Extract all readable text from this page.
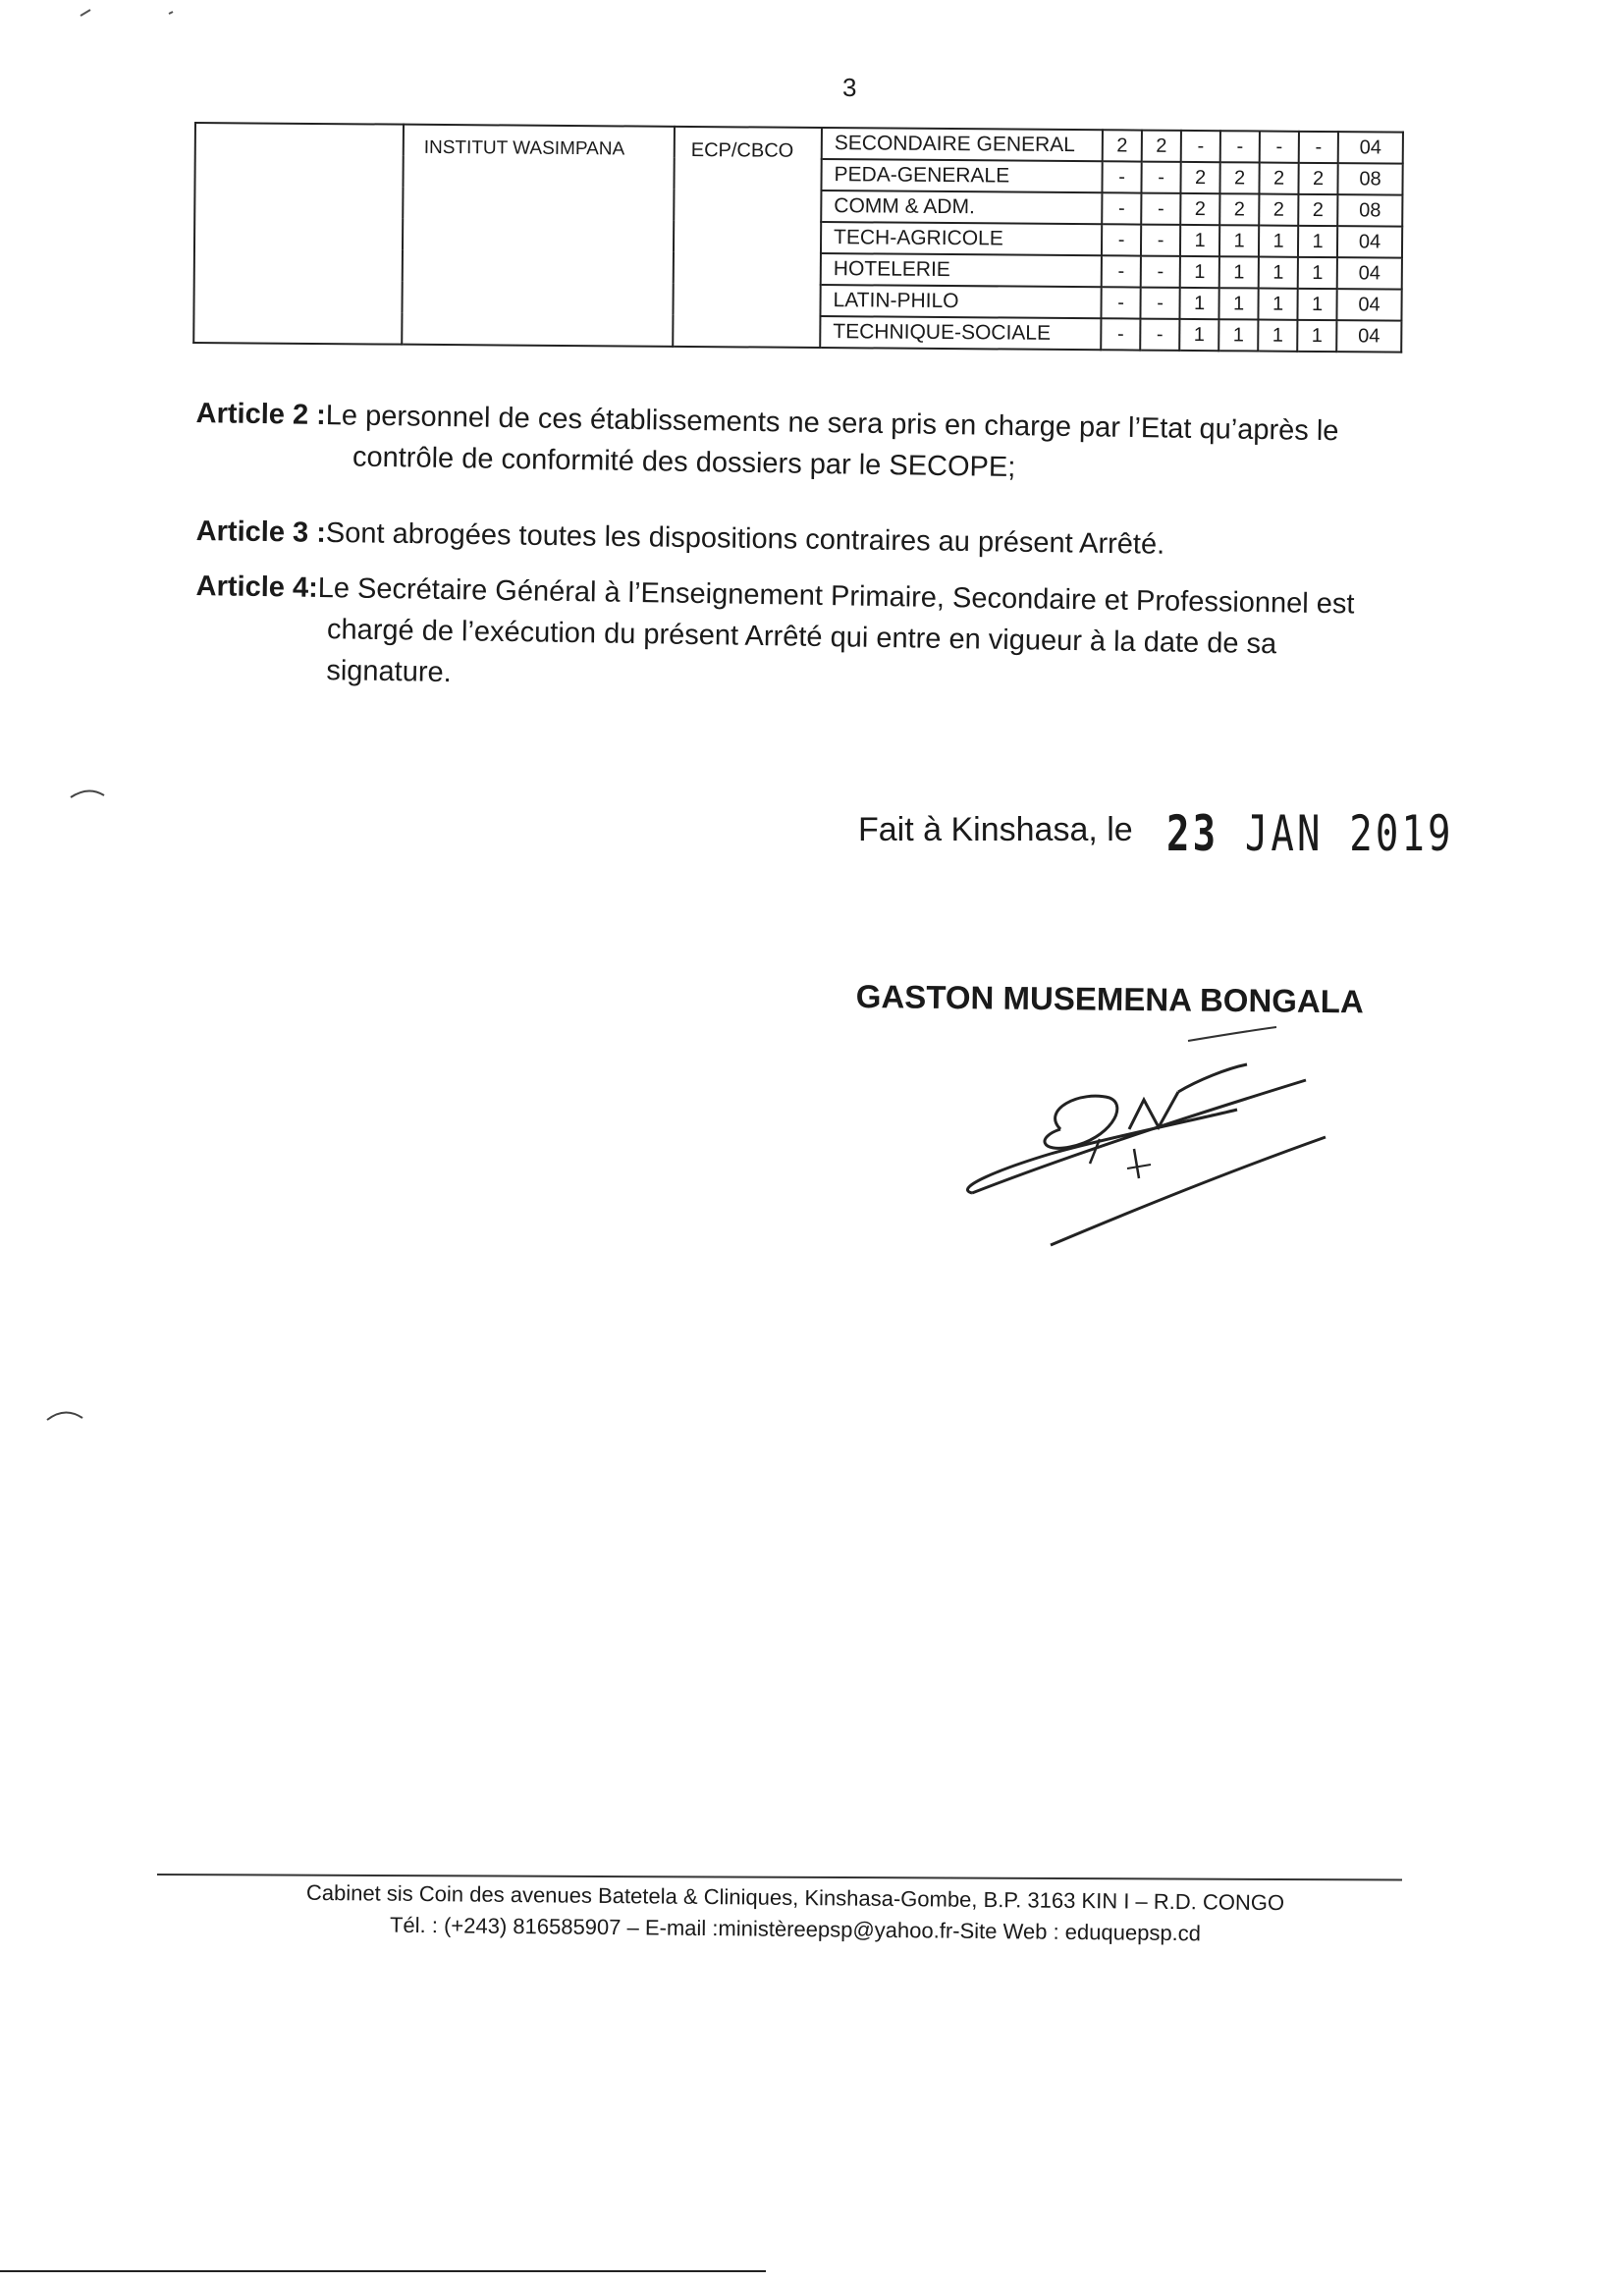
3
	INSTITUT WASIMPANA	ECP/CBCO	SECONDAIRE GENERAL	2	2	-	-	-	-	04
			PEDA-GENERALE	-	-	2	2	2	2	08
			COMM & ADM.	-	-	2	2	2	2	08
			TECH-AGRICOLE	-	-	1	1	1	1	04
			HOTELERIE	-	-	1	1	1	1	04
			LATIN-PHILO	-	-	1	1	1	1	04
			TECHNIQUE-SOCIALE	-	-	1	1	1	1	04
Article 2 :Le personnel de ces établissements ne sera pris en charge par l’Etat qu’après le
contrôle de conformité des dossiers par le SECOPE;
Article 3 :Sont abrogées toutes les dispositions contraires au présent Arrêté.
Article 4:Le Secrétaire Général à l’Enseignement Primaire, Secondaire et Professionnel est
chargé de l’exécution du présent Arrêté qui entre en vigueur à la date de sa
signature.
Fait à Kinshasa, le 23 JAN 2019
GASTON MUSEMENA BONGALA
Cabinet sis Coin des avenues Batetela & Cliniques, Kinshasa-Gombe, B.P. 3163 KIN I – R.D. CONGO
Tél. : (+243) 816585907 – E-mail :ministèreepsp@yahoo.fr-Site Web : eduquepsp.cd
